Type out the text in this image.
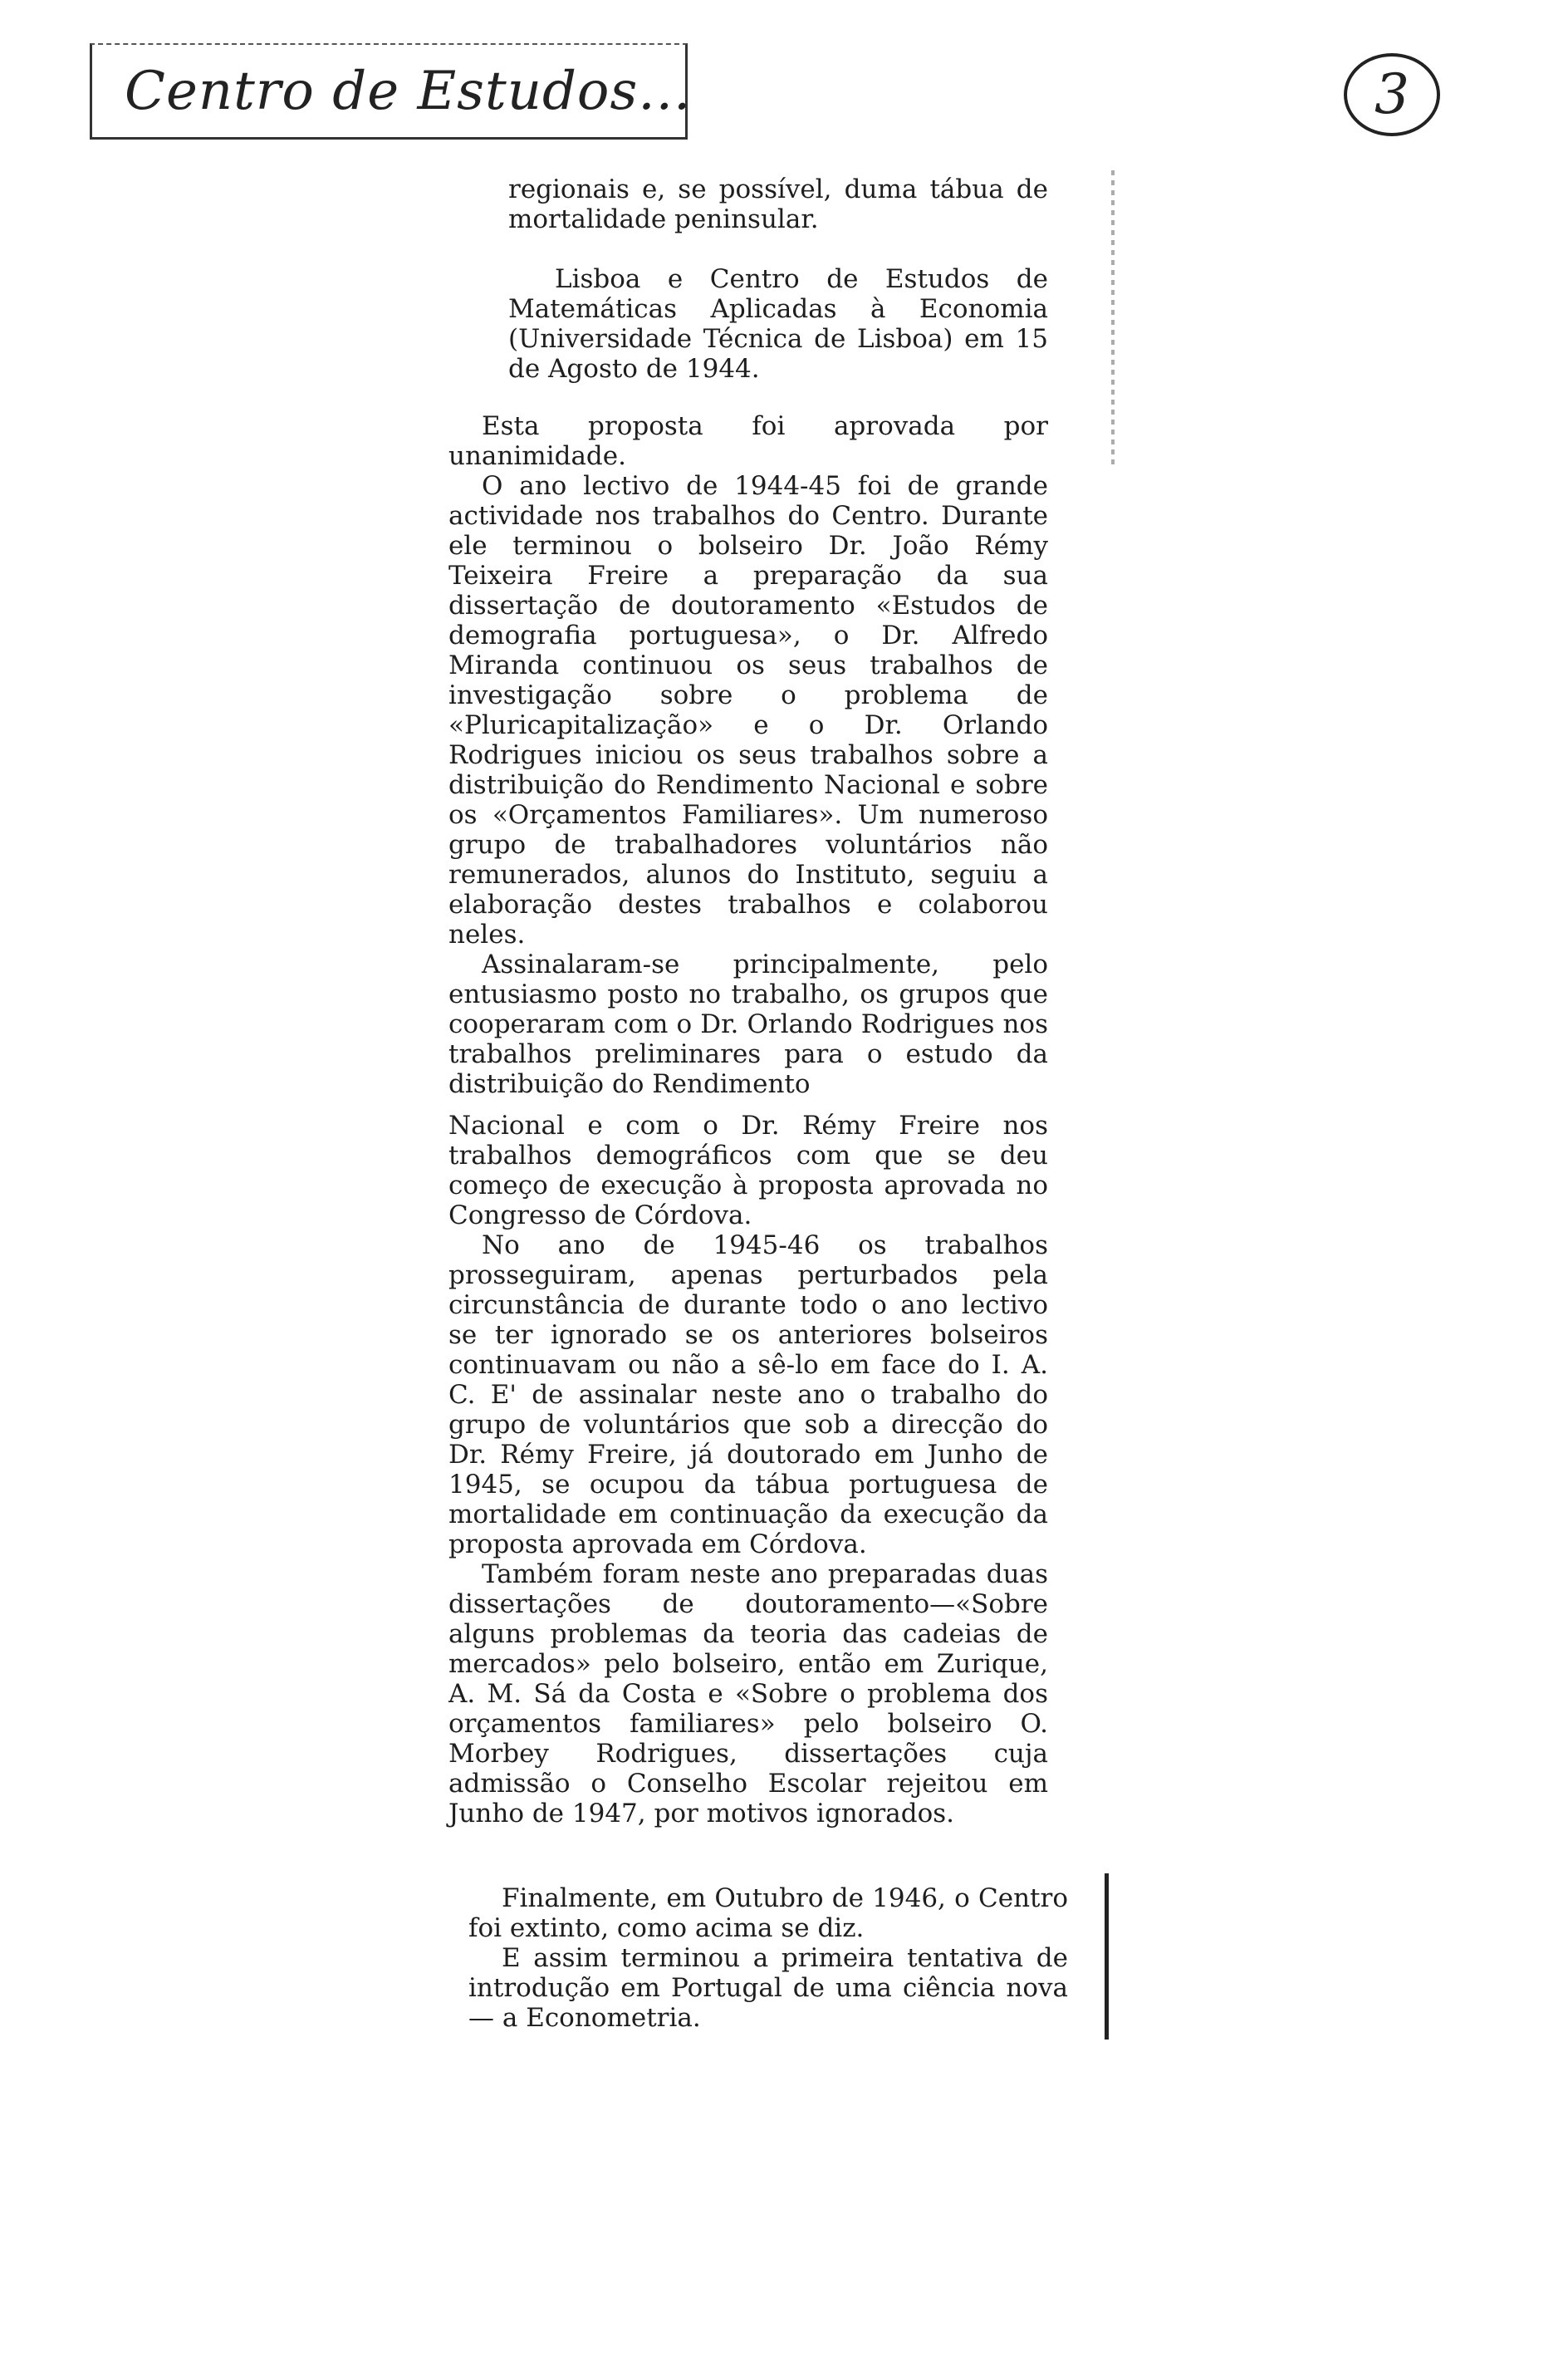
Centro de Estudos...	3

regionais e, se possível, duma tábua de mortalidade peninsular.

Lisboa e Centro de Estudos de Matemáticas Aplicadas à Economia (Universidade Técnica de Lisboa) em 15 de Agosto de 1944.

Esta proposta foi aprovada por unanimidade.

O ano lectivo de 1944-45 foi de grande actividade nos trabalhos do Centro. Durante ele terminou o bolseiro Dr. João Rémy Teixeira Freire a preparação da sua dissertação de doutoramento «Estudos de demografia portuguesa», o Dr. Alfredo Miranda continuou os seus trabalhos de investigação sobre o problema de «Pluricapitalização» e o Dr. Orlando Rodrigues iniciou os seus trabalhos sobre a distribuição do Rendimento Nacional e sobre os «Orçamentos Familiares». Um numeroso grupo de trabalhadores voluntários não remunerados, alunos do Instituto, seguiu a elaboração destes trabalhos e colaborou neles.

Assinalaram-se principalmente, pelo entusiasmo posto no trabalho, os grupos que cooperaram com o Dr. Orlando Rodrigues nos trabalhos preliminares para o estudo da distribuição do Rendimento

Nacional e com o Dr. Rémy Freire nos trabalhos demográficos com que se deu começo de execução à proposta aprovada no Congresso de Córdova.

No ano de 1945-46 os trabalhos prosseguiram, apenas perturbados pela circunstância de durante todo o ano lectivo se ter ignorado se os anteriores bolseiros continuavam ou não a sê-lo em face do I. A. C. E' de assinalar neste ano o trabalho do grupo de voluntários que sob a direcção do Dr. Rémy Freire, já doutorado em Junho de 1945, se ocupou da tábua portuguesa de mortalidade em continuação da execução da proposta aprovada em Córdova.

Também foram neste ano preparadas duas dissertações de doutoramento—«Sobre alguns problemas da teoria das cadeias de mercados» pelo bolseiro, então em Zurique, A. M. Sá da Costa e «Sobre o problema dos orçamentos familiares» pelo bolseiro O. Morbey Rodrigues, dissertações cuja admissão o Conselho Escolar rejeitou em Junho de 1947, por motivos ignorados.

Finalmente, em Outubro de 1946, o Centro foi extinto, como acima se diz.

E assim terminou a primeira tentativa de introdução em Portugal de uma ciência nova — a Econometria.
